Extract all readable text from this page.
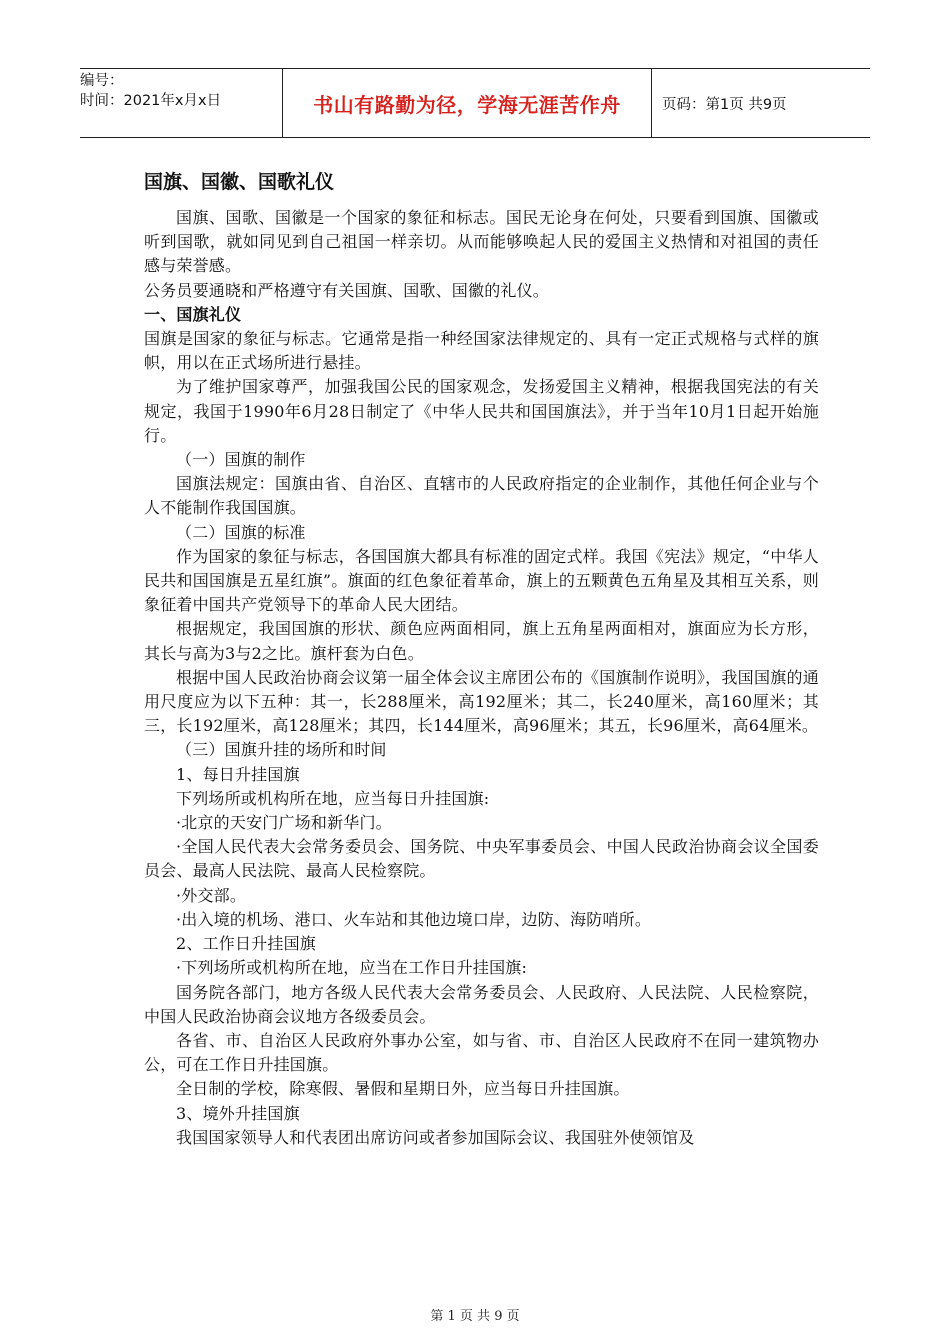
编号：
时间：2021年x月x日	书山有路勤为径，学海无涯苦作舟	页码：第1页 共9页
国旗、国徽、国歌礼仪

国旗、国歌、国徽是一个国家的象征和标志。国民无论身在何处，只要看到国旗、国徽或听到国歌，就如同见到自己祖国一样亲切。从而能够唤起人民的爱国主义热情和对祖国的责任感与荣誉感。

公务员要通晓和严格遵守有关国旗、国歌、国徽的礼仪。

一、国旗礼仪

国旗是国家的象征与标志。它通常是指一种经国家法律规定的、具有一定正式规格与式样的旗帜，用以在正式场所进行悬挂。

为了维护国家尊严，加强我国公民的国家观念，发扬爱国主义精神，根据我国宪法的有关规定，我国于1990年6月28日制定了《中华人民共和国国旗法》，并于当年10月1日起开始施行。

（一）国旗的制作

国旗法规定：国旗由省、自治区、直辖市的人民政府指定的企业制作，其他任何企业与个人不能制作我国国旗。

（二）国旗的标准

作为国家的象征与标志，各国国旗大都具有标准的固定式样。我国《宪法》规定，“中华人民共和国国旗是五星红旗”。旗面的红色象征着革命，旗上的五颗黄色五角星及其相互关系，则象征着中国共产党领导下的革命人民大团结。

根据规定，我国国旗的形状、颜色应两面相同，旗上五角星两面相对，旗面应为长方形，其长与高为3与2之比。旗杆套为白色。

根据中国人民政治协商会议第一届全体会议主席团公布的《国旗制作说明》，我国国旗的通用尺度应为以下五种：其一，长288厘米，高192厘米；其二，长240厘米，高160厘米；其三，长192厘米，高128厘米；其四，长144厘米，高96厘米；其五，长96厘米，高64厘米。

（三）国旗升挂的场所和时间

1、每日升挂国旗

下列场所或机构所在地，应当每日升挂国旗:

·北京的天安门广场和新华门。

·全国人民代表大会常务委员会、国务院、中央军事委员会、中国人民政治协商会议全国委员会、最高人民法院、最高人民检察院。

·外交部。

·出入境的机场、港口、火车站和其他边境口岸，边防、海防哨所。

2、工作日升挂国旗

·下列场所或机构所在地，应当在工作日升挂国旗:

国务院各部门，地方各级人民代表大会常务委员会、人民政府、人民法院、人民检察院，中国人民政治协商会议地方各级委员会。

各省、市、自治区人民政府外事办公室，如与省、市、自治区人民政府不在同一建筑物办公，可在工作日升挂国旗。

全日制的学校，除寒假、暑假和星期日外，应当每日升挂国旗。

3、境外升挂国旗

我国国家领导人和代表团出席访问或者参加国际会议、我国驻外使领馆及

第 1 页 共 9 页
